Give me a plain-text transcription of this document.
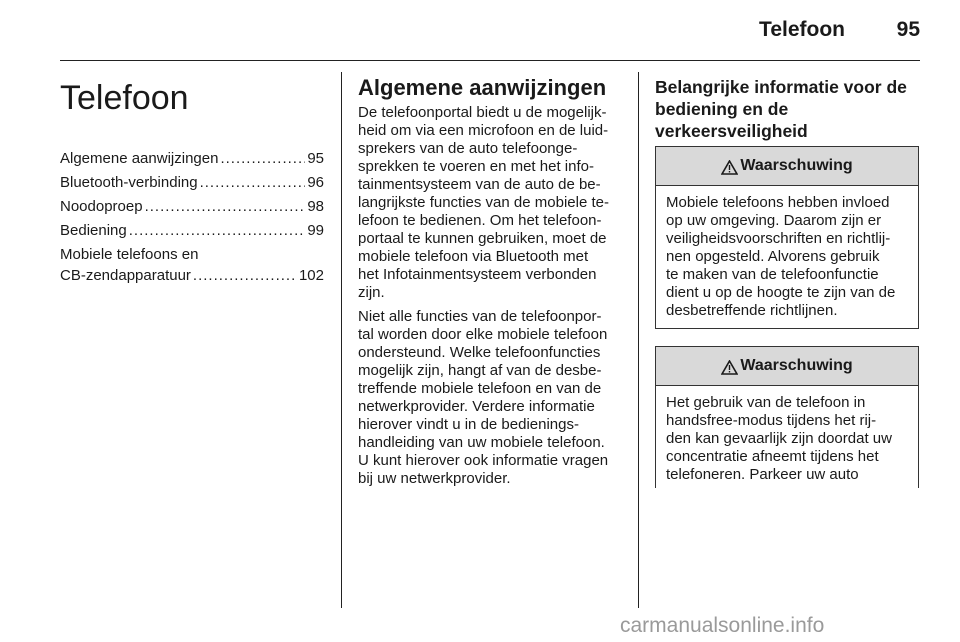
Telefoon	95
Telefoon
Algemene aanwijzingen .....	95
Bluetooth-verbinding .....	96
Noodoproep .....	98
Bediening .....	99
Mobiele telefoons en
CB-zendapparatuur .....	102
Algemene aanwijzingen
De telefoonportal biedt u de mogelijk-
heid om via een microfoon en de luid-
sprekers van de auto telefoonge-
sprekken te voeren en met het info-
tainmentsysteem van de auto de be-
langrijkste functies van de mobiele te-
lefoon te bedienen. Om het telefoon-
portaal te kunnen gebruiken, moet de
mobiele telefoon via Bluetooth met
het Infotainmentsysteem verbonden
zijn.
Niet alle functies van de telefoonpor-
tal worden door elke mobiele telefoon
ondersteund. Welke telefoonfuncties
mogelijk zijn, hangt af van de desbe-
treffende mobiele telefoon en van de
netwerkprovider. Verdere informatie
hierover vindt u in de bedienings-
handleiding van uw mobiele telefoon.
U kunt hierover ook informatie vragen
bij uw netwerkprovider.
Belangrijke informatie voor de
bediening en de
verkeersveiligheid
Waarschuwing
Mobiele telefoons hebben invloed
op uw omgeving. Daarom zijn er
veiligheidsvoorschriften en richtlij-
nen opgesteld. Alvorens gebruik
te maken van de telefoonfunctie
dient u op de hoogte te zijn van de
desbetreffende richtlijnen.
Waarschuwing
Het gebruik van de telefoon in
handsfree-modus tijdens het rij-
den kan gevaarlijk zijn doordat uw
concentratie afneemt tijdens het
telefoneren. Parkeer uw auto
carmanualsonline.info
